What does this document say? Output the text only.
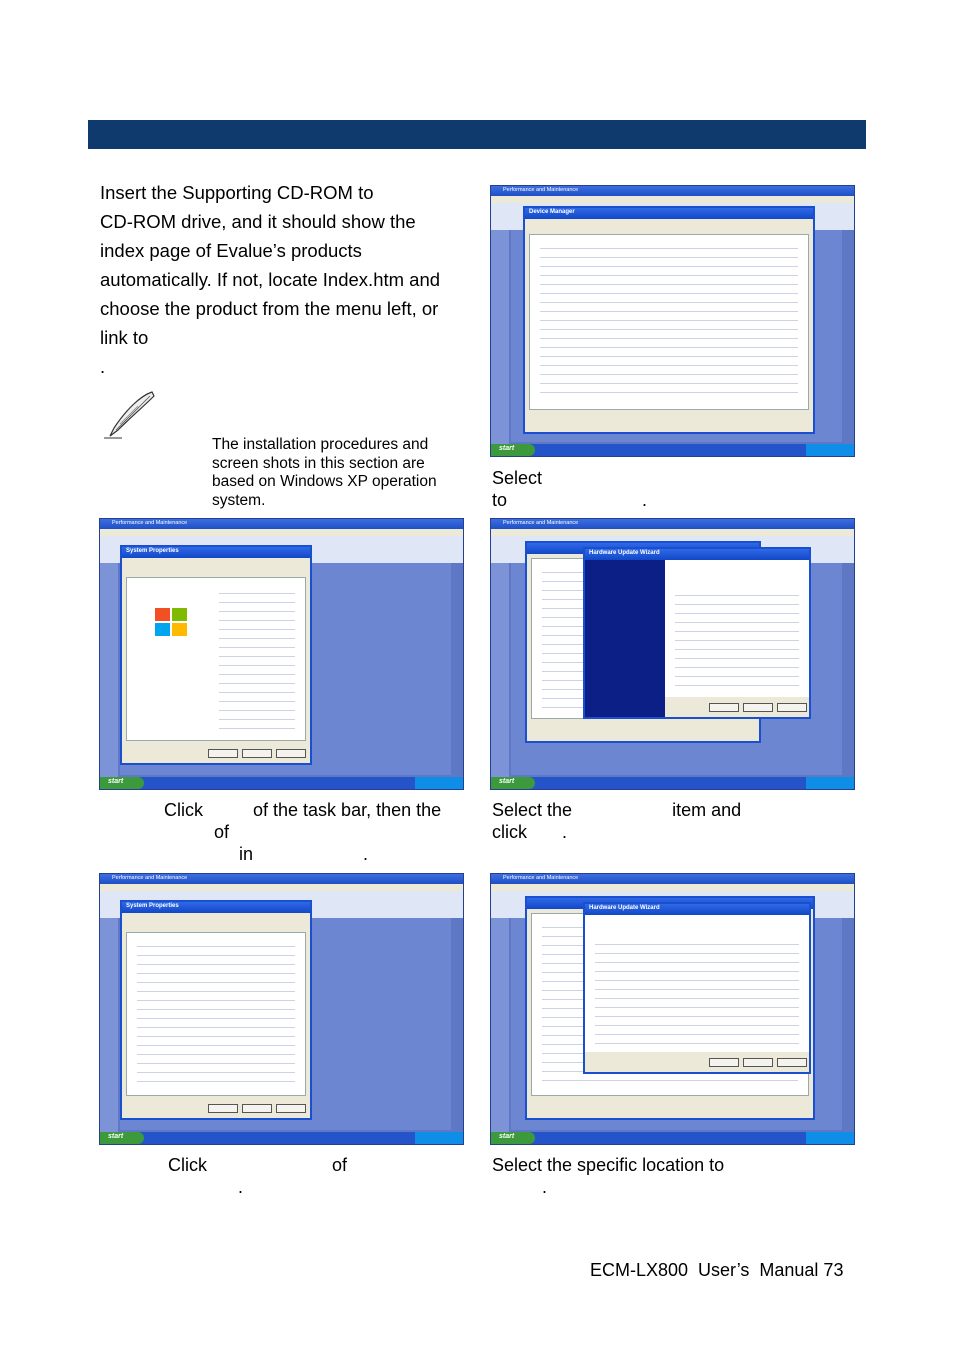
Insert the Supporting CD-ROM to
CD-ROM drive, and it should show the
index page of Evalue’s products
automatically. If not, locate Index.htm and
choose the product from the menu left, or
link to
.
The installation procedures and
screen shots in this section are
based on Windows XP operation
system.
Performance and Maintenance
Device Manager
start
Select
to                           .
Performance and Maintenance
System Properties
start
Performance and Maintenance
Hardware Update Wizard
start
Click          of the task bar, then the
of
in                      .
Select the                    item and
click       .
Performance and Maintenance
System Properties
start
Performance and Maintenance
Hardware Update Wizard
start
Click                         of
.
Select the specific location to
.
ECM-LX800  User’s  Manual 73
